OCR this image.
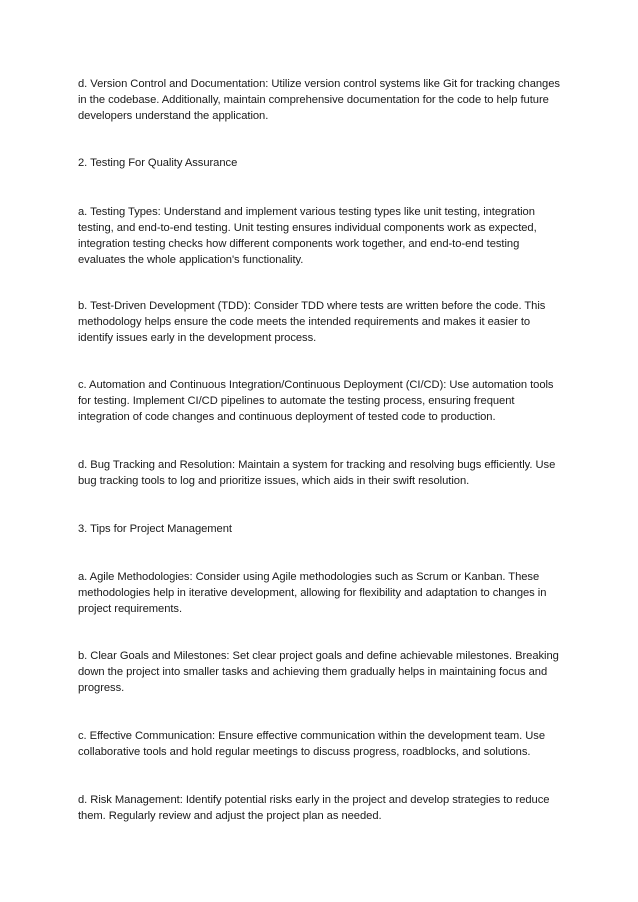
d. Version Control and Documentation: Utilize version control systems like Git for tracking changes in the codebase. Additionally, maintain comprehensive documentation for the code to help future developers understand the application.

2. Testing For Quality Assurance

a. Testing Types: Understand and implement various testing types like unit testing, integration testing, and end-to-end testing. Unit testing ensures individual components work as expected, integration testing checks how different components work together, and end-to-end testing evaluates the whole application's functionality.

b. Test-Driven Development (TDD): Consider TDD where tests are written before the code. This methodology helps ensure the code meets the intended requirements and makes it easier to identify issues early in the development process.

c. Automation and Continuous Integration/Continuous Deployment (CI/CD): Use automation tools for testing. Implement CI/CD pipelines to automate the testing process, ensuring frequent integration of code changes and continuous deployment of tested code to production.

d. Bug Tracking and Resolution: Maintain a system for tracking and resolving bugs efficiently. Use bug tracking tools to log and prioritize issues, which aids in their swift resolution.

3. Tips for Project Management

a. Agile Methodologies: Consider using Agile methodologies such as Scrum or Kanban. These methodologies help in iterative development, allowing for flexibility and adaptation to changes in project requirements.

b. Clear Goals and Milestones: Set clear project goals and define achievable milestones. Breaking down the project into smaller tasks and achieving them gradually helps in maintaining focus and progress.

c. Effective Communication: Ensure effective communication within the development team. Use collaborative tools and hold regular meetings to discuss progress, roadblocks, and solutions.

d. Risk Management: Identify potential risks early in the project and develop strategies to reduce them. Regularly review and adjust the project plan as needed.
